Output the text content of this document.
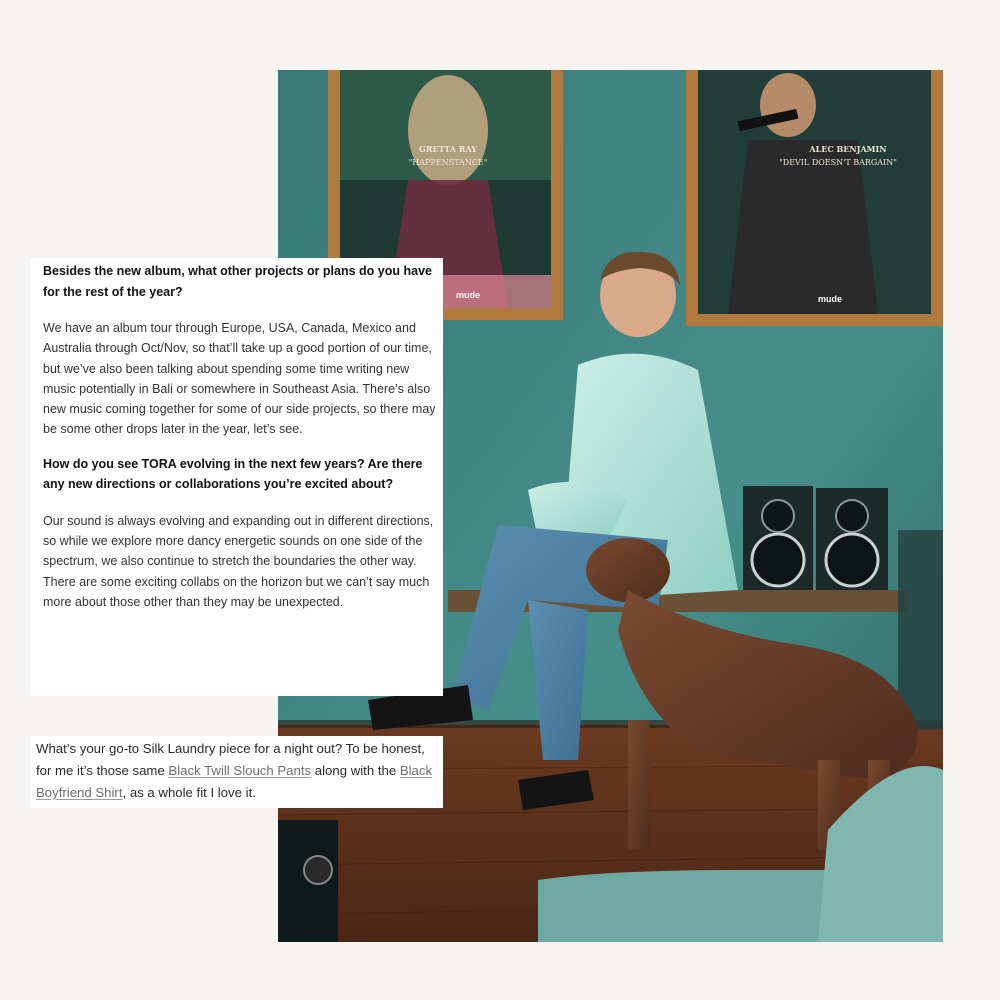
GRETTA RAY
"HAPPENSTANCE"
mude
ALEC BENJAMIN
"DEVIL DOESN'T BARGAIN"
mude

Besides the new album, what other projects or plans do you have for the rest of the year?

We have an album tour through Europe, USA, Canada, Mexico and Australia through Oct/Nov, so that’ll take up a good portion of our time, but we’ve also been talking about spending some time writing new music potentially in Bali or somewhere in Southeast Asia. There’s also new music coming together for some of our side projects, so there may be some other drops later in the year, let’s see.

How do you see TORA evolving in the next few years? Are there any new directions or collaborations you’re excited about?

Our sound is always evolving and expanding out in different directions, so while we explore more dancy energetic sounds on one side of the spectrum, we also continue to stretch the boundaries the other way. There are some exciting collabs on the horizon but we can’t say much more about those other than they may be unexpected.

What’s your go-to Silk Laundry piece for a night out? To be honest, for me it’s those same Black Twill Slouch Pants along with the Black Boyfriend Shirt, as a whole fit I love it.
